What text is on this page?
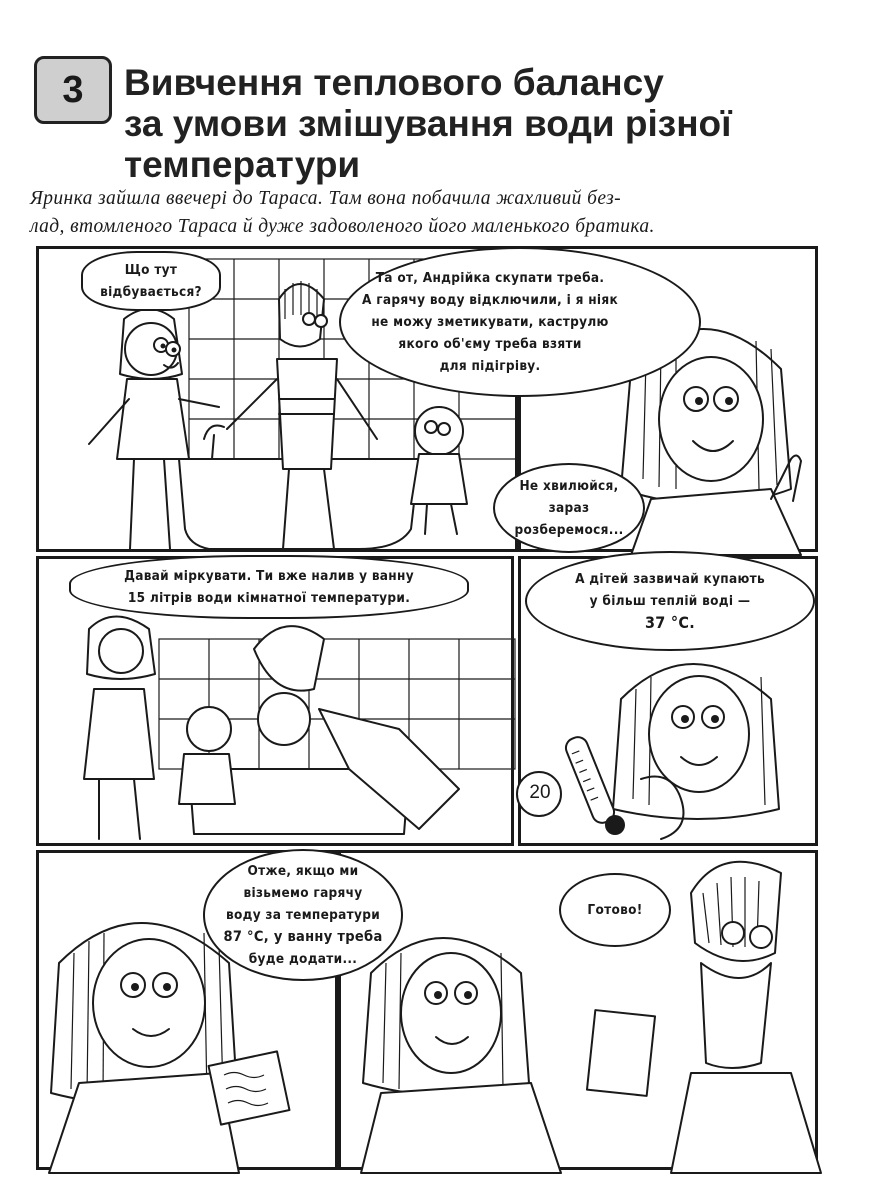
3 Вивчення теплового балансу
за умови змішування води різної
температури
Яринка зайшла ввечері до Тараса. Там вона побачила жахливий без-
лад, втомленого Тараса й дуже задоволеного його маленького братика.
Що тут
відбувається?
Та от, Андрійка скупати треба.
А гарячу воду відключили, і я ніяк
не можу зметикувати, каструлю
якого об'єму треба взяти
для підігріву.
Не хвилюйся,
зараз
розберемося...
Давай міркувати. Ти вже налив у ванну
15 літрів води кімнатної температури.
20
А дітей зазвичай купають
у більш теплій воді —
37 °С.
Отже, якщо ми
візьмемо гарячу
воду за температури
87 °С, у ванну треба
буде додати...
Готово!
